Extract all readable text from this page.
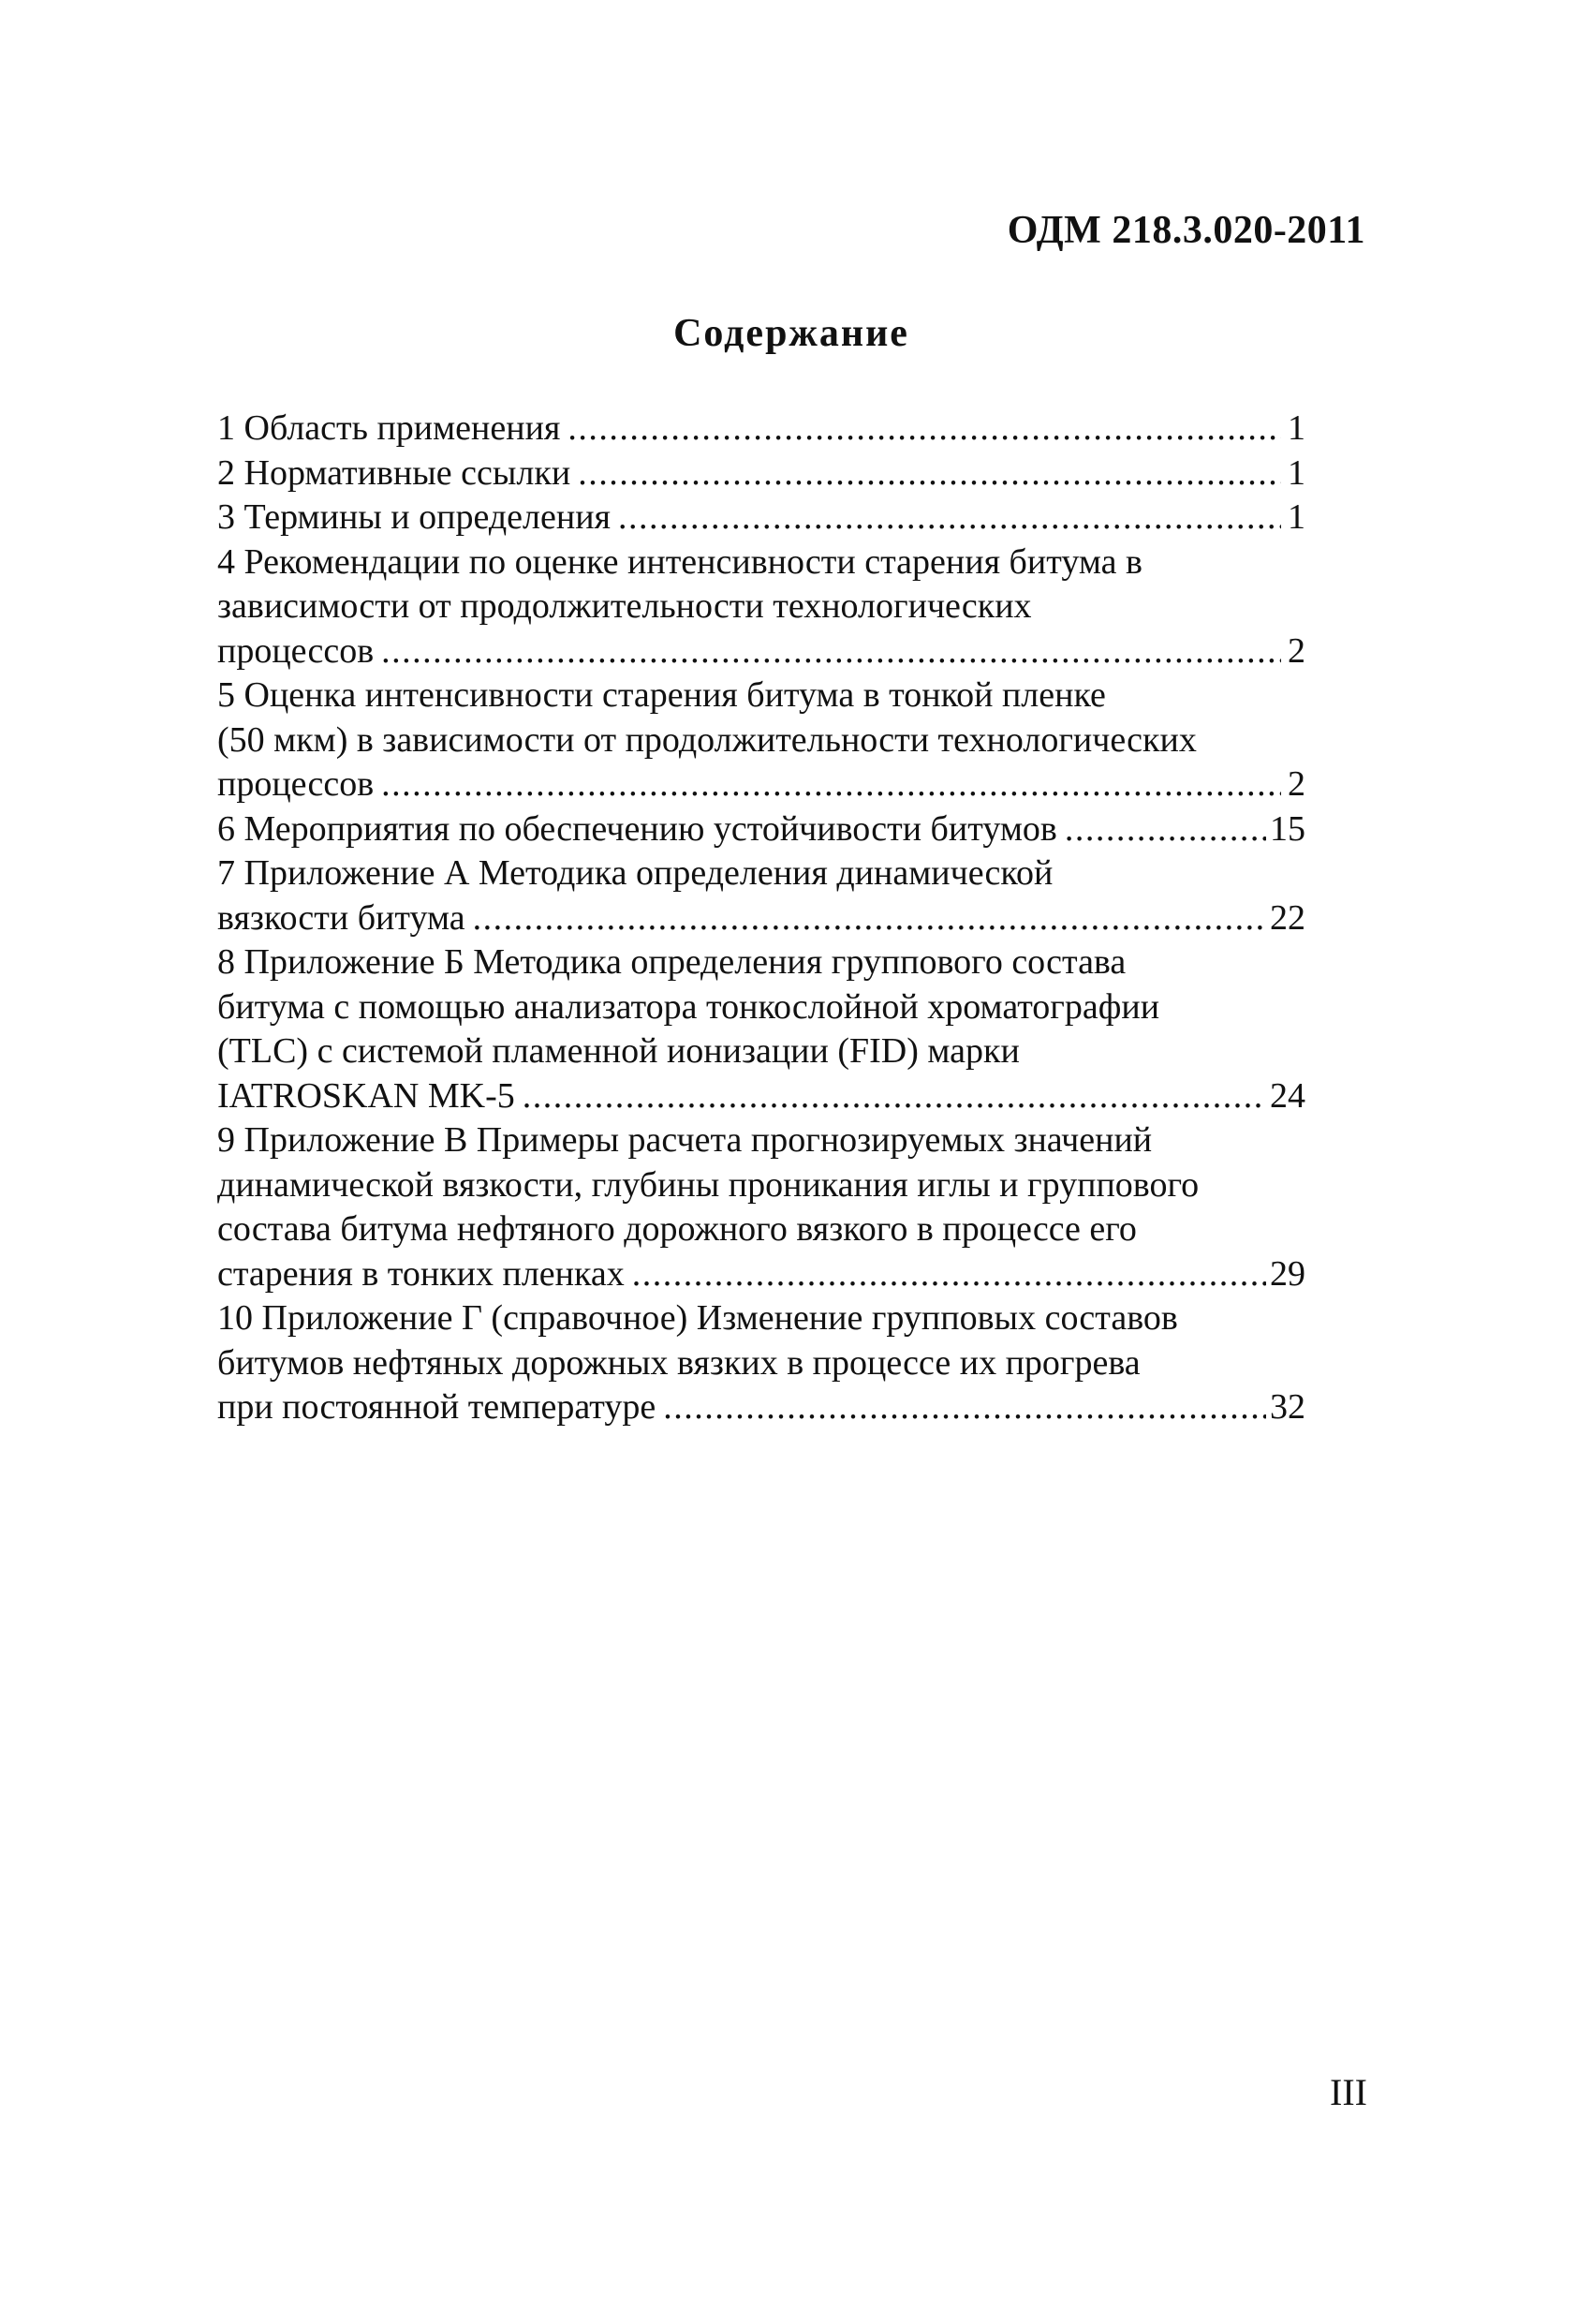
ОДМ 218.3.020-2011
Содержание
1 Область применения .....	1
2 Нормативные ссылки .....	1
3 Термины и определения .....	1
4 Рекомендации по оценке интенсивности старения битума в
зависимости от продолжительности технологических
процессов .....	2
5 Оценка интенсивности старения битума в тонкой пленке
(50 мкм) в зависимости от продолжительности технологических
процессов .....	2
6 Мероприятия по обеспечению устойчивости битумов .....	15
7 Приложение А Методика определения динамической
вязкости битума .....	22
8 Приложение Б Методика определения группового состава
битума с помощью анализатора тонкослойной хроматографии
(TLC) с системой пламенной ионизации (FID) марки
IATROSKAN MK-5 .....	24
9 Приложение В Примеры расчета прогнозируемых значений
динамической вязкости, глубины проникания иглы и группового
состава битума нефтяного дорожного вязкого в процессе его
старения в тонких пленках .....	29
10 Приложение Г (справочное) Изменение групповых составов
битумов нефтяных дорожных вязких в процессе их прогрева
при постоянной температуре .....	32
III
